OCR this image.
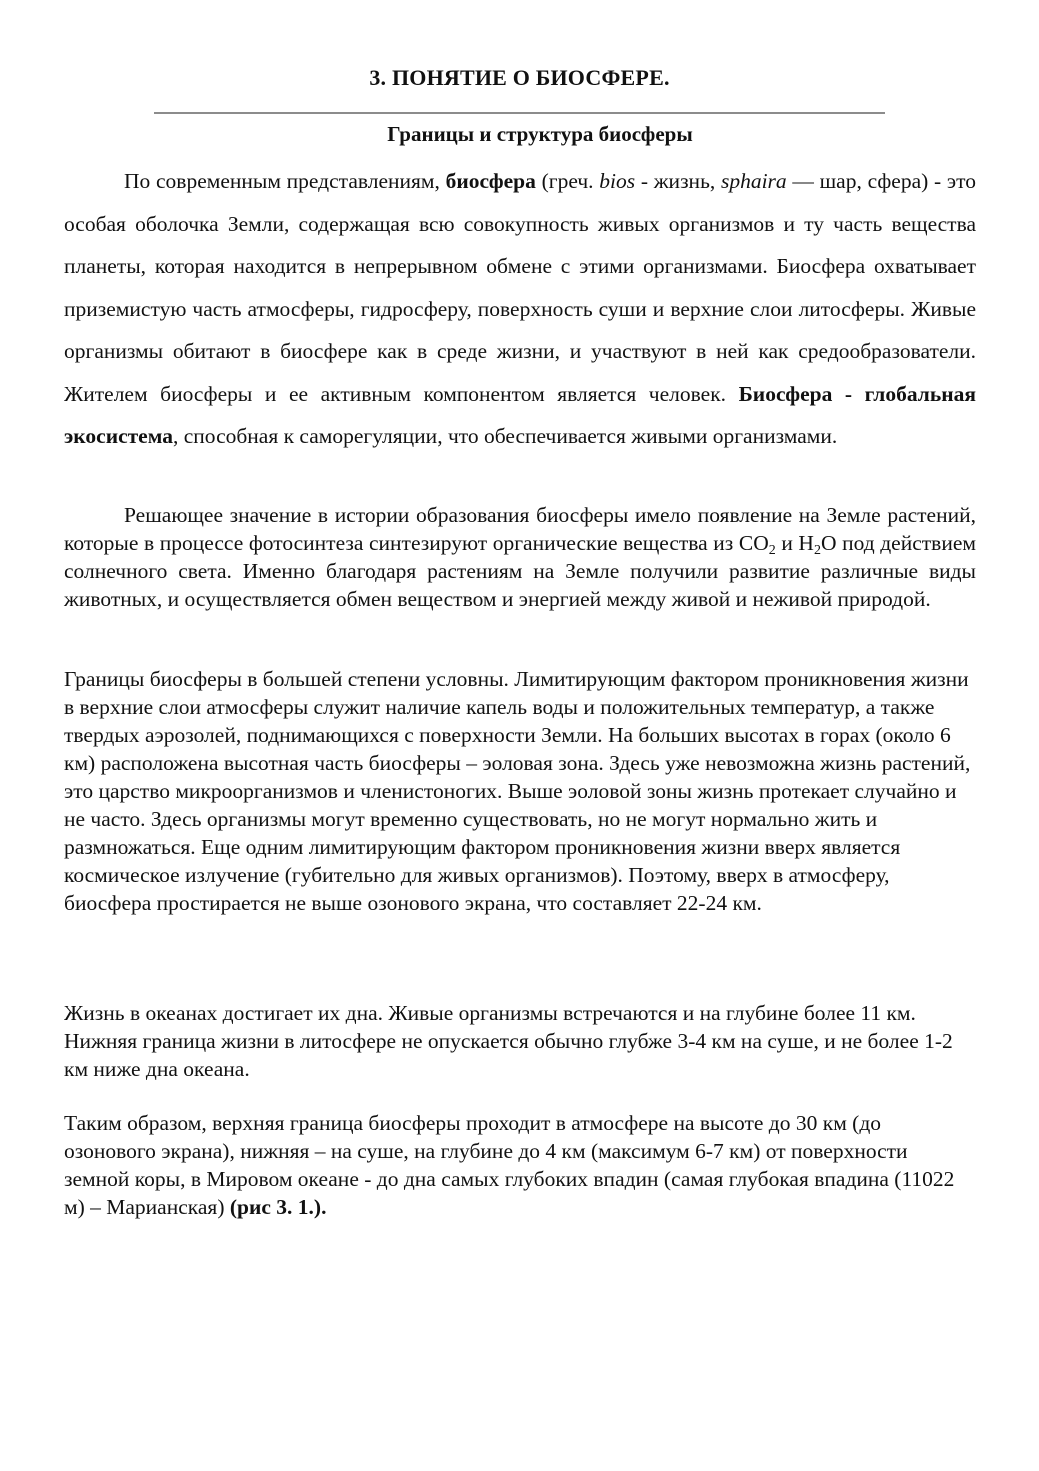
3. ПОНЯТИЕ О БИОСФЕРЕ.
Границы и структура биосферы

По современным представлениям, биосфера (греч. bios - жизнь, sphaira — шар, сфера) - это особая оболочка Земли, содержащая всю совокупность живых организмов и ту часть вещества планеты, которая находится в непрерывном обмене с этими организмами. Биосфера охватывает приземистую часть атмосферы, гидросферу, поверхность суши и верхние слои литосферы. Живые организмы обитают в биосфере как в среде жизни, и участвуют в ней как средообразователи. Жителем биосферы и ее активным компонентом является человек. Биосфера - глобальная экосистема, способная к саморегуляции, что обеспечивается живыми организмами.

Решающее значение в истории образования биосферы имело появление на Земле растений, которые в процессе фотосинтеза синтезируют органические вещества из $CO_2$ и $H_2O$ под действием солнечного света. Именно благодаря растениям на Земле получили развитие различные виды животных, и осуществляется обмен веществом и энергией между живой и неживой природой.

Границы биосферы в большей степени условны. Лимитирующим фактором проникновения жизни в верхние слои атмосферы служит наличие капель воды и положительных температур, а также твердых аэрозолей, поднимающихся с поверхности Земли. На больших высотах в горах (около 6 км) расположена высотная часть биосферы – эоловая зона. Здесь уже невозможна жизнь растений, это царство микроорганизмов и членистоногих. Выше эоловой зоны жизнь протекает случайно и не часто. Здесь организмы могут временно существовать, но не могут нормально жить и размножаться. Еще одним лимитирующим фактором проникновения жизни вверх является космическое излучение (губительно для живых организмов). Поэтому, вверх в атмосферу, биосфера простирается не выше озонового экрана, что составляет 22-24 км.

Жизнь в океанах достигает их дна. Живые организмы встречаются и на глубине более 11 км. Нижняя граница жизни в литосфере не опускается обычно глубже 3-4 км на суше, и не более 1-2 км ниже дна океана.

Таким образом, верхняя граница биосферы проходит в атмосфере на высоте до 30 км (до озонового экрана), нижняя – на суше, на глубине до 4 км (максимум 6-7 км) от поверхности земной коры, в Мировом океане - до дна самых глубоких впадин (самая глубокая впадина (11022 м) – Марианская) (рис 3. 1.).
